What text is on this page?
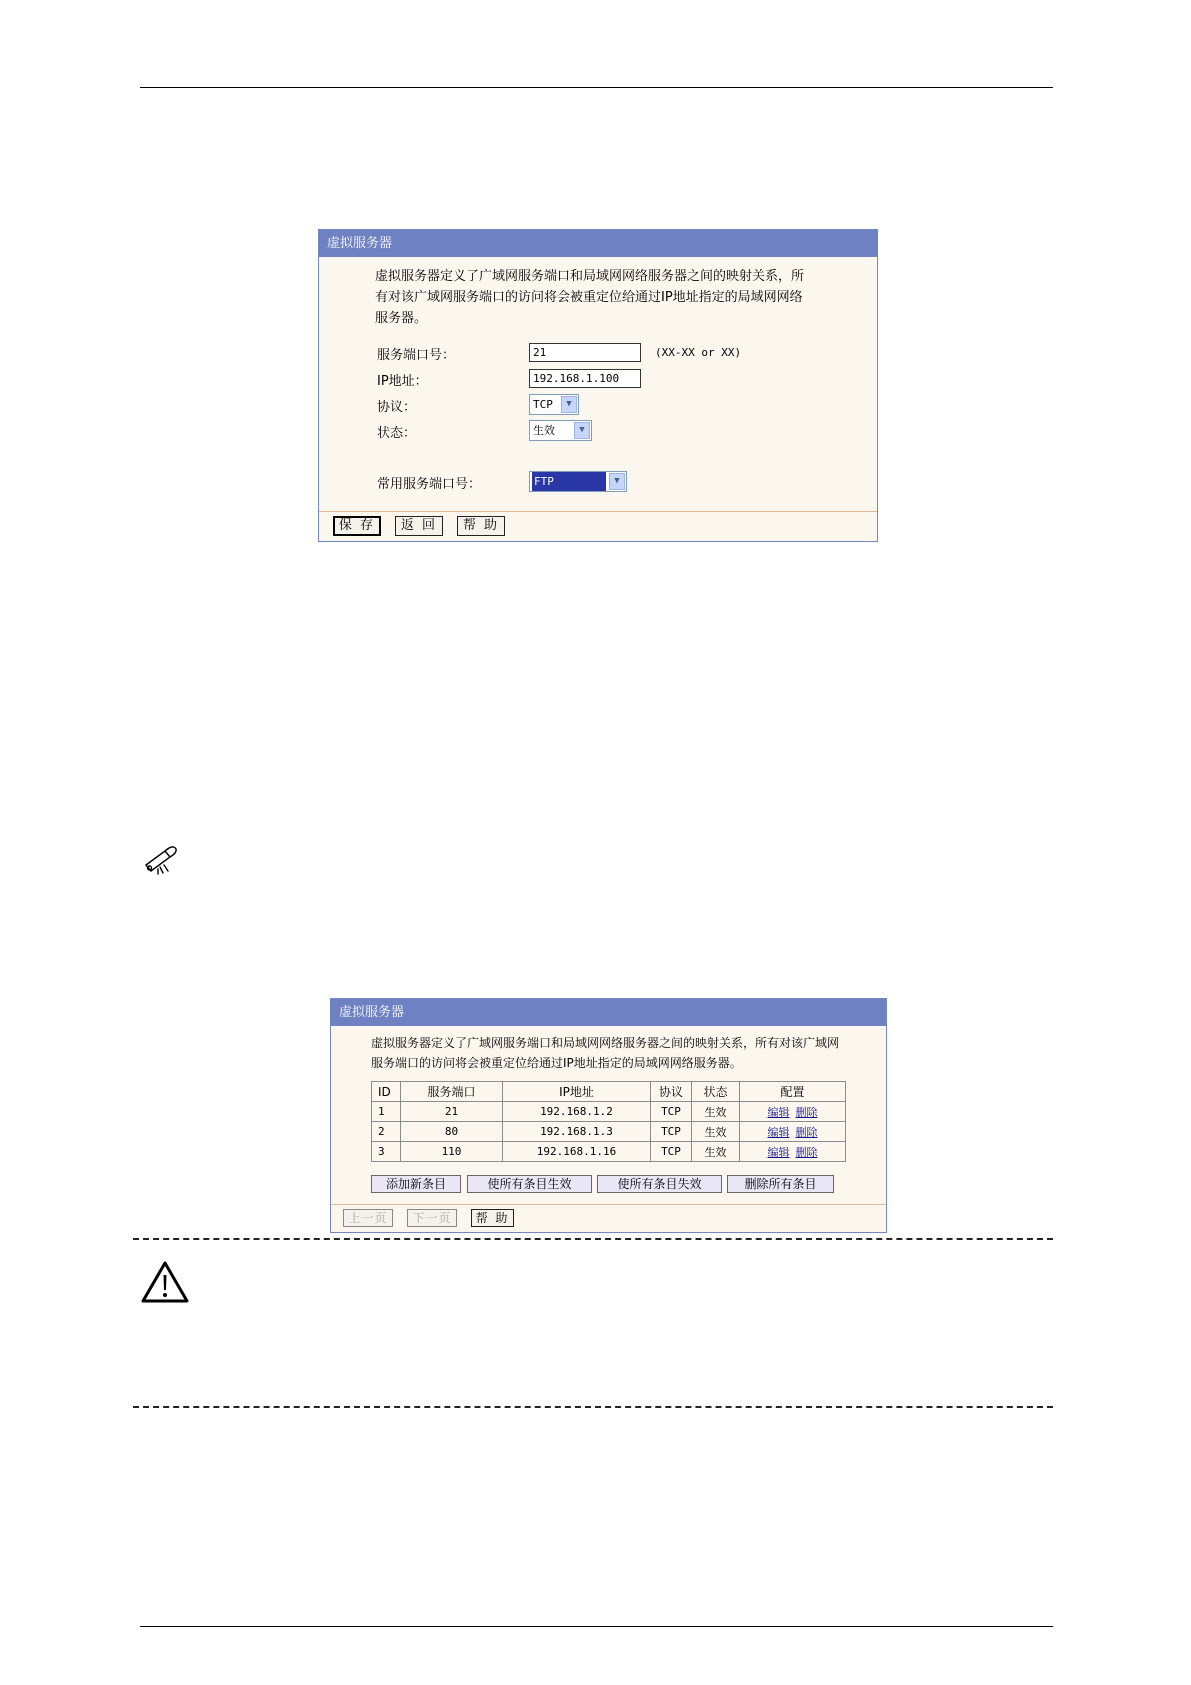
虚拟服务器
虚拟服务器定义了广域网服务端口和局域网网络服务器之间的映射关系，所
有对该广域网服务端口的访问将会被重定位给通过IP地址指定的局域网网络
服务器。
服务端口号：	21	(XX-XX or XX)
IP地址：	192.168.1.100
协议：	TCP	▼
状态：	生效	▼
常用服务端口号：	FTP	▼
保 存	返 回	帮 助
虚拟服务器
虚拟服务器定义了广域网服务端口和局域网网络服务器之间的映射关系，所有对该广域网
服务端口的访问将会被重定位给通过IP地址指定的局域网网络服务器。
ID	服务端口	IP地址	协议	状态	配置
1	21	192.168.1.2	TCP	生效	编辑 删除
2	80	192.168.1.3	TCP	生效	编辑 删除
3	110	192.168.1.16	TCP	生效	编辑 删除
添加新条目	使所有条目生效	使所有条目失效	删除所有条目
上一页	下一页	帮 助
